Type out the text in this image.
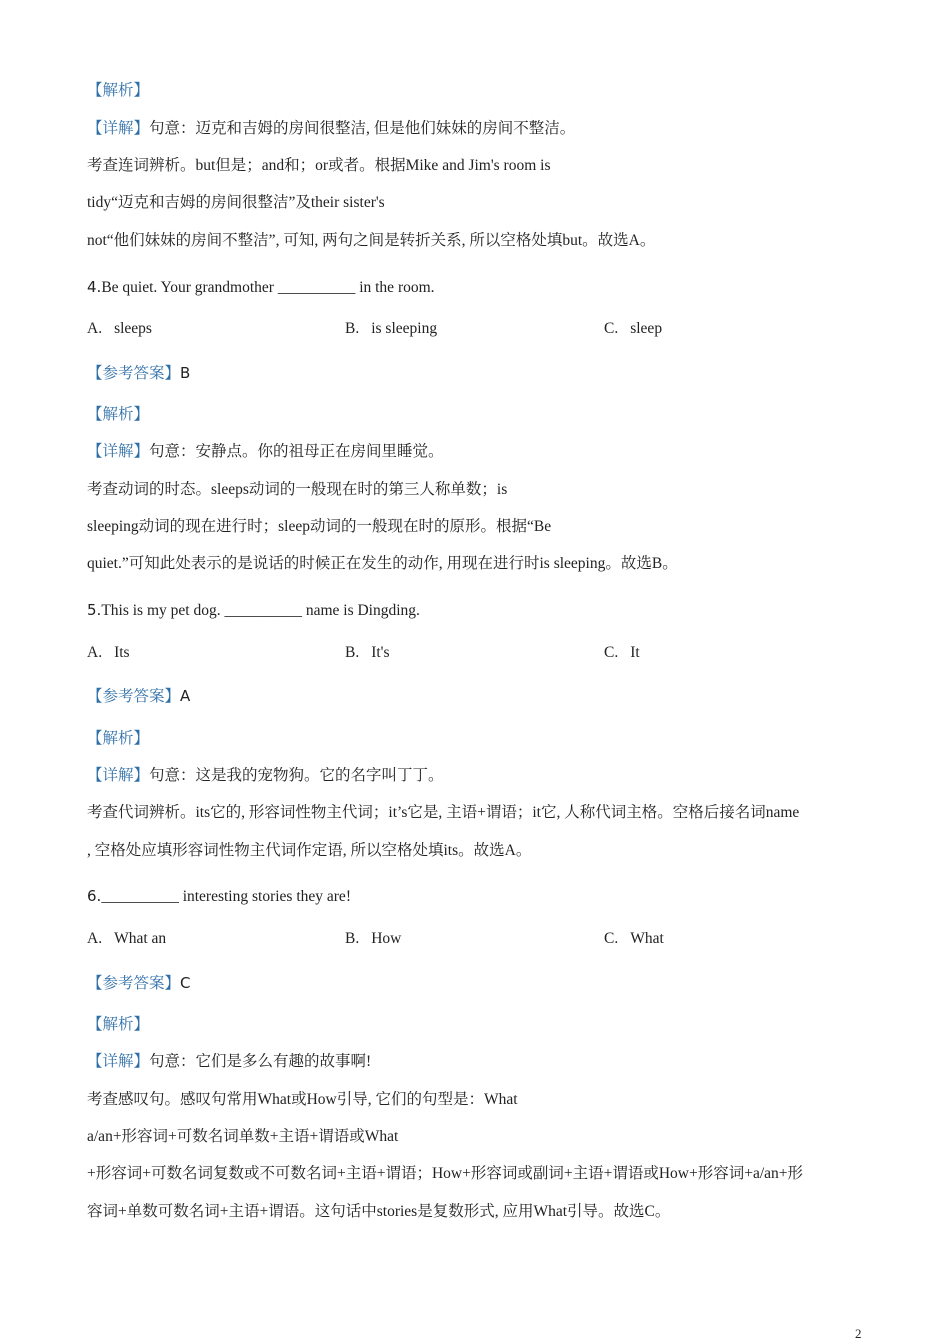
【解析】
【详解】句意：迈克和吉姆的房间很整洁, 但是他们妹妹的房间不整洁。
考查连词辨析。but但是；and和；or或者。根据Mike and Jim's room is
tidy“迈克和吉姆的房间很整洁”及their sister's
not“他们妹妹的房间不整洁”, 可知, 两句之间是转折关系, 所以空格处填but。故选A。
4.Be quiet. Your grandmother __________ in the room.
A. sleeps	B. is sleeping	C. sleep
【参考答案】B
【解析】
【详解】句意：安静点。你的祖母正在房间里睡觉。
考查动词的时态。sleeps动词的一般现在时的第三人称单数；is
sleeping动词的现在进行时；sleep动词的一般现在时的原形。根据“Be
quiet.”可知此处表示的是说话的时候正在发生的动作, 用现在进行时is sleeping。故选B。
5.This is my pet dog. __________ name is Dingding.
A. Its	B. It's	C. It
【参考答案】A
【解析】
【详解】句意：这是我的宠物狗。它的名字叫丁丁。
考查代词辨析。its它的, 形容词性物主代词；it’s它是, 主语+谓语；it它, 人称代词主格。空格后接名词name
, 空格处应填形容词性物主代词作定语, 所以空格处填its。故选A。
6.__________ interesting stories they are!
A. What an	B. How	C. What
【参考答案】C
【解析】
【详解】句意：它们是多么有趣的故事啊!
考查感叹句。感叹句常用What或How引导, 它们的句型是：What
a/an+形容词+可数名词单数+主语+谓语或What
+形容词+可数名词复数或不可数名词+主语+谓语；How+形容词或副词+主语+谓语或How+形容词+a/an+形
容词+单数可数名词+主语+谓语。这句话中stories是复数形式, 应用What引导。故选C。
2
